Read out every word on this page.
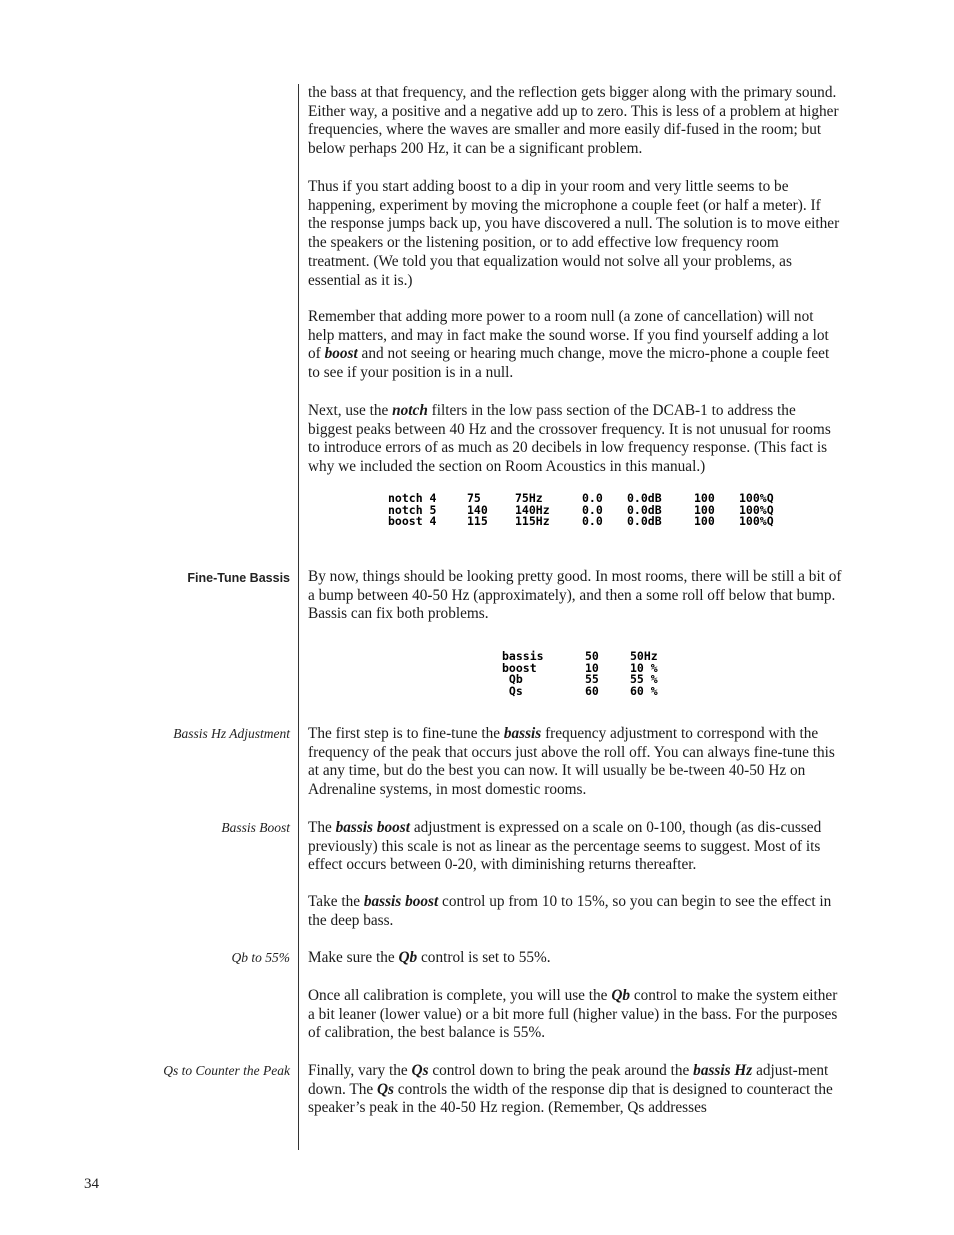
the bass at that frequency, and the reflection gets bigger along with the primary sound. Either way, a positive and a negative add up to zero. This is less of a problem at higher frequencies, where the waves are smaller and more easily dif-fused in the room; but below perhaps 200 Hz, it can be a significant problem.

Thus if you start adding boost to a dip in your room and very little seems to be happening, experiment by moving the microphone a couple feet (or half a meter). If the response jumps back up, you have discovered a null. The solution is to move either the speakers or the listening position, or to add effective low frequency room treatment. (We told you that equalization would not solve all your problems, as essential as it is.)

Remember that adding more power to a room null (a zone of cancellation) will not help matters, and may in fact make the sound worse. If you find yourself adding a lot of boost and not seeing or hearing much change, move the micro-phone a couple feet to see if your position is in a null.

Next, use the notch filters in the low pass section of the DCAB-1 to address the biggest peaks between 40 Hz and the crossover frequency. It is not unusual for rooms to introduce errors of as much as 20 decibels in low frequency response. (This fact is why we included the section on Room Acoustics in this manual.)

notch 4	75	75Hz	0.0 0.0dB	100 100%Q
notch 5	140 140Hz	0.0 0.0dB	100 100%Q
boost 4	115 115Hz	0.0 0.0dB	100 100%Q
Fine-Tune Bassis By now, things should be looking pretty good. In most rooms, there will be still a bit of a bump between 40-50 Hz (approximately), and then a some roll off below that bump. Bassis can fix both problems.

bassis	50	50Hz
boost	10	10 %
Qb	55	55 %
Qs	60	60 %
Bassis Hz Adjustment The first step is to fine-tune the bassis frequency adjustment to correspond with the frequency of the peak that occurs just above the roll off. You can always fine-tune this at any time, but do the best you can now. It will usually be be-tween 40-50 Hz on Adrenaline systems, in most domestic rooms.

Bassis Boost The bassis boost adjustment is expressed on a scale on 0-100, though (as dis-cussed previously) this scale is not as linear as the percentage seems to suggest. Most of its effect occurs between 0-20, with diminishing returns thereafter.

Take the bassis boost control up from 10 to 15%, so you can begin to see the effect in the deep bass.

Qb to 55% Make sure the Qb control is set to 55%.

Once all calibration is complete, you will use the Qb control to make the system either a bit leaner (lower value) or a bit more full (higher value) in the bass. For the purposes of calibration, the best balance is 55%.

Qs to Counter the Peak Finally, vary the Qs control down to bring the peak around the bassis Hz adjust-ment down. The Qs controls the width of the response dip that is designed to counteract the speaker’s peak in the 40-50 Hz region. (Remember, Qs addresses

34
